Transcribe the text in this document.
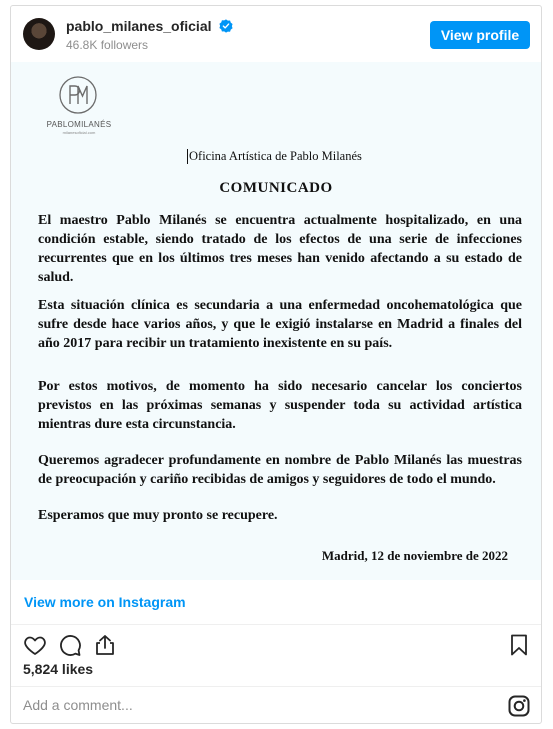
pablo_milanes_oficial
46.8K followers
View profile
PABLOMILANÉS
milanesoficial.com
Oficina Artística de Pablo Milanés
COMUNICADO
El maestro Pablo Milanés se encuentra actualmente hospitalizado, en una condición estable, siendo tratado de los efectos de una serie de infecciones recurrentes que en los últimos tres meses han venido afectando a su estado de salud.
Esta situación clínica es secundaria a una enfermedad oncohematológica que sufre desde hace varios años, y que le exigió instalarse en Madrid a finales del año 2017 para recibir un tratamiento inexistente en su país.
Por estos motivos, de momento ha sido necesario cancelar los conciertos previstos en las próximas semanas y suspender toda su actividad artística mientras dure esta circunstancia.
Queremos agradecer profundamente en nombre de Pablo Milanés las muestras de preocupación y cariño recibidas de amigos y seguidores de todo el mundo.
Esperamos que muy pronto se recupere.
Madrid, 12 de noviembre de 2022
View more on Instagram
5,824 likes
Add a comment...
